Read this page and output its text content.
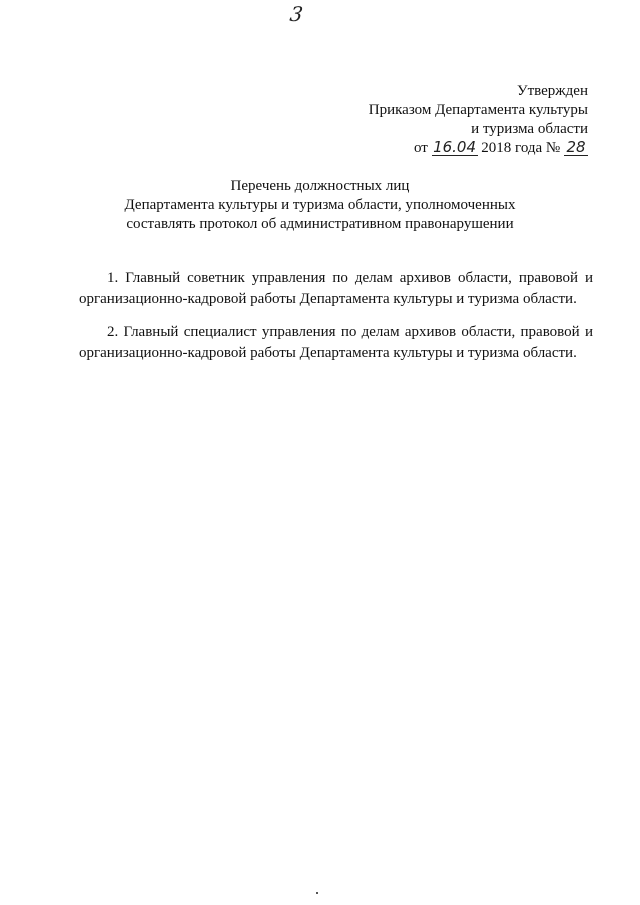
3
Утвержден
Приказом Департамента культуры
и туризма области
от 16.04 2018 года № 28
Перечень должностных лиц
Департамента культуры и туризма области, уполномоченных
составлять протокол об административном правонарушении

1. Главный советник управления по делам архивов области, правовой и организационно-кадровой работы Департамента культуры и туризма области.

2. Главный специалист управления по делам архивов области, правовой и организационно-кадровой работы Департамента культуры и туризма области.
